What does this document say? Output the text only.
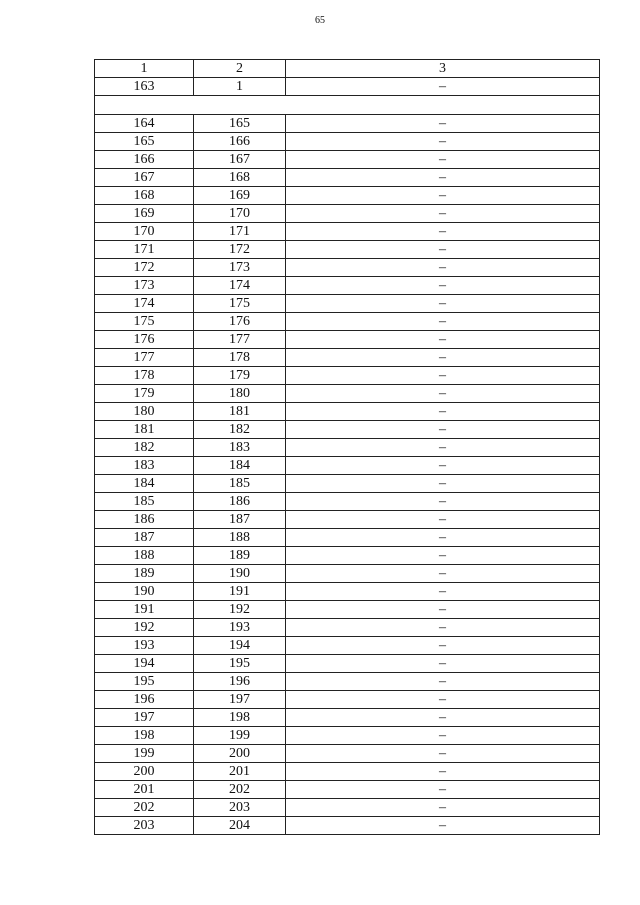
65
1	2	3
163	1	–

164	165	–
165	166	–
166	167	–
167	168	–
168	169	–
169	170	–
170	171	–
171	172	–
172	173	–
173	174	–
174	175	–
175	176	–
176	177	–
177	178	–
178	179	–
179	180	–
180	181	–
181	182	–
182	183	–
183	184	–
184	185	–
185	186	–
186	187	–
187	188	–
188	189	–
189	190	–
190	191	–
191	192	–
192	193	–
193	194	–
194	195	–
195	196	–
196	197	–
197	198	–
198	199	–
199	200	–
200	201	–
201	202	–
202	203	–
203	204	–
